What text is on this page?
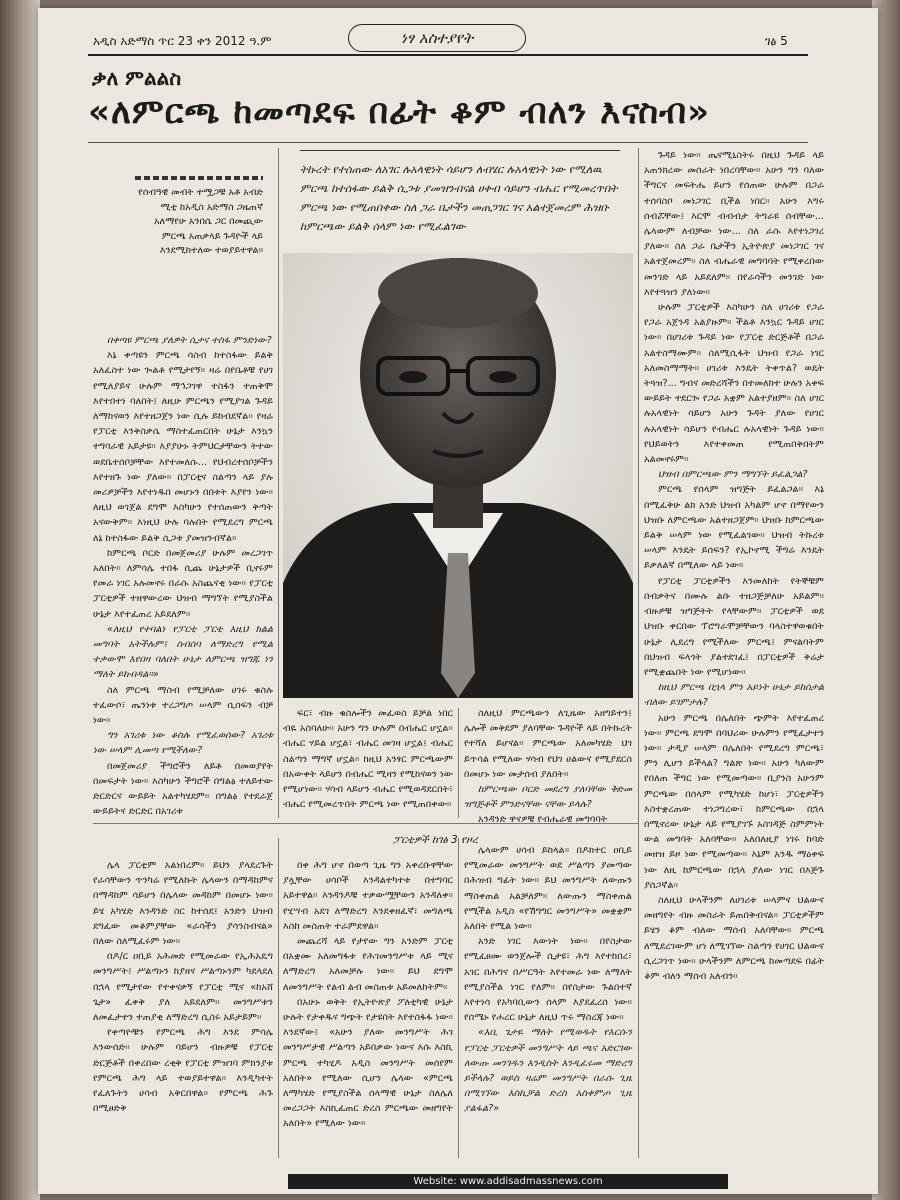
አዲስ አድማስ ጥር 23 ቀን 2012 ዓ.ም	ነፃ አስተያየት	ገፅ 5
ቃለ ምልልስ
«ለምርጫ ከመጣደፍ በፊት ቆም ብለን እናስብ»
የሰብዓዊ መብት ተሟጋቹ አቶ አብድ ሚቲ ከአዲስ አድማስ ጋዜጠኛ አለማየሁ አንበሴ ጋር በመጪው ምርጫ አጠቃላይ ጉዳዮች ላይ እንደሚከተለው ተወያይተዋል።
ትኩረት የተሰጠው ለአገር ሉአላዊነት ሳይሆን ለብሄር ሉአላዊነት ነው የሚለዉ ምርጫ ከተሰፋው ይልቅ ሲጋቱ ያመዝንብናል ሀቀብ ሳይሆን ብሔር የሚመረጥበት ምርጫ ነው የሚጠበቀው ስለ ጋራ ቤታችን መጠጋገር ገና አልተጀመረም ሕዝቡ ከምርጫው ይልቅ ሰላም ነው የሚፈልገው

በቀጣዩ ምርጫ ያለዎት ሲታና ተስፋ ምንድነው?

እኔ ቀጣዩን ምርጫ ሳስብ ከተስፋው ይልቅ አለፈስተ ነው ጐልቶ የሚታየኝ። ዛሬ በየቤቶቹ የሀገ የሚለያይና ሁሉም ማኅጋገዋ ተስፋን ተጠቅሞ እየተበተነ ባለበት፤ ለዚሁ ምርጫን የሚያገል ጉዳይ ለማከናወን እየተዘጋጀን ነው ሲሉ ይከብደኛል። የዛሬ የፓርቲ እንቅስቃሴ ማስተፈጠርበት ሁኔታ እንኳን ተግባራዊ አይታዩ። እያያሁኑ ትምህርታቸውን ትተው ወደቤተሰቦቻቸው እየተመለሱ... የህብረተሰቦቻችን እየተዘጉ ነው ያለው። በፓርቲና ስልጣን ላይ ያሉ መሪዎቻችን እየተነዱበ መሆኑን በበቱት እያየን ነው። ለዚህ ወገጀል ደግሞ እስካሁን የተሰጠውን ቅጣት አናውቅም። እነዚህ ሁሉ ባሉበት የሚደረግ ምርጫ ለኔ ከተስፋው ይልቅ ሲጋቱ ያመዝንብኛል።

ከምርጫ ቦርድ በመጀመሪያ ሁሉም መረጋገጥ አለበት። ለምሳሌ ተበፋ ሲጨ ሁኔታዎች ቢኖሩም የመራ ነገር አሉመኖሩ በራሱ አስጨናቂ ነው። የፓርቲ ፓርቲዎች ተዘዋውረው ህዝብ ማግኘት የሚያስችል ሁኔታ እየተፈጠረ አይደለም።

«ለዚህ የተባልነ የፓርቲ ፓርቲ እዚህ ክልል መግባት አትችሉም፤ ስብሰባ ለማድረግ የሚል ተቃውሞ እየበዛ ባለበት ሁኔታ ለምርጫ ዝግጁ ነን ማለት ይከብዳል።»

ስለ ምርጫ ማስብ የሚቻለው ሀገሩ ቁስሉ ተፈውሶ፣ ጤንነቱ ተረጋግጦ ሠላም ሲሰፍን ብቻ ነው።

ግን አገሪቱ ነው ቆስሉ የሚፈወሰው? አገሪቱ ነው ሠላም ሊመጣ የሚችለው?

በመጀመሪያ ችግሮችን ለይቶ በመወያየት በመፍታት ነው። እስካሁን ችግሮች በግልፅ ተለይተው ድርድርና ውይይት አልተካሄደም። በግልፅ የተደራጀ ውይይትና ድርድር በአገሪቱ

ፍር፣ ብዙ ቁስሎችን መፈወስ ይቻል ነበር ብዬ አስባለሁ። አሁን ግን ሁሉም በብሔር ሆኗል። ብሔር ሃይል ሆኗል፣ ብሔር መገዛ ሆኗል፤ ብሔር ስልጣን ማግኛ ሆኗል። ከዚህ አንፃር ምርጫውም በአውቀት ላይሆን በብሔር ሚዛን የሚከናወን ነው የሚሆነው። ሃሳብ ላይሆን ብሔር የሚወዳደርበት፣ ብሔር የሚመረጥበት ምርጫ ነው የሚጠበቀው።

ስለዚህ ምርጫውን ለጊዜው አዘግይተን፤ ሌሎች መቅደም ያለባቸው ጉዳዮች ላይ በትኩረት የተሻለ ይሆናል። ምርጫው አለመካሄድ ህገ ይጥሳል የሚለው ሃሳብ የህገ ሀልውና የሚያደርስ በመሆኑ ነው መታሰብ ያለበት።

ከምርጫው ቦርድ መደረግ ያለባቸው ቅድመ ዝግጅቶች ምንድናቸው ናቸው ይላሉ?

አንዳንድ ዋናዎቹ የብሔራዊ መግባባት

ጉዳይ ነው። ጤናሚኒስትሩ በዚህ ጉዳይ ላይ አጠንክረው መሰራት ነበረባቸው። አሁን ግን ባለው ችግርና መፍትሔ ይሆን የሰጠው ሁሉም በጋራ ተሰባስቦ መነጋገር ቢችል ነበር። አሁን እግሩ ሰብሯቸው፤ እርሞ ብብብታ ትግራዩ ሰብቸው... ሌላውም ለብቻው ነው... ስለ ራሱ እየተነጋገረ ያለው። ስለ ጋራ ቤታችን ኢትዮጵያ መነጋገር ገና አልተጀመረም። ስለ ብሔራዊ መግባባት የሚቀረበው መንገድ ላይ አይደለም። በየራሳችን መንገድ ነው እየተጓዝን ያለነው።

ሁሉም ፓርቲዎች እስካሁን ስለ ሀገሪቱ የጋራ የጋራ አጀንዳ አልያዙም። ችልቶ እንኳር ጉዳይ ሀገር ነው። በሀገሪቱ ጉዳይ ነው የፓርቲ ድርጅቶች በጋራ አልተስማሙም። ስለሚሲፋት ህዝብ የጋራ ነገር አለመስማማት። ሀገሪቱ እንዴት ትቀጥል? ወዴት ትጓዝ?... ግብና መድረሻችን በተመለከተ ሁሉን አቀፍ ውይይት ተደርጐ የጋራ አቋም አልተያዘም። ስለ ሀገር ሉአላዊነት ሳይሆን አሁን ጉዳት ያለው የሀገር ሉአላዊነት ሳይሆን የብሔር ሉአላዊነት ጉዳይ ነው። የህይወትን እየተቀመጠ የሚጠበቅበትም አልመኖሩም።

ህዝብ በምርጫው ምን ማግኘት ይፈልጋል?

ምርጫ የሰላም ዝግጅት ይፈልጋል። እኔ በሚፈቅሁ ልክ አንድ ህዝብ አካልም ሆኖ በማየውን ህዝቡ ለምርጫው አልተዘጋጀም። ህዝቡ ከምርጫው ይልቅ ሠላም ነው የሚፈልገው። ህዝብ ትኩረቱ ሠላም እንዴት ይሰፍን? የኢኮኖሚ ችግሬ እንዴት ይቃለልኛ በሚለው ላይ ነው።

የፓርቲ ፓርቲዎችን እንመለከት የትኞቹም በብቃትና በሙሉ ልቡ ተዘጋጅቻለሁ አይልም። ብዙዎቹ ዝግጅትት የላቸውም። ፓርቲዎች ወደ ህዝቡ ቀርበው ፕሮግራሞቻቸውን ባላስተዋወቁበት ሁኔታ ሊደረግ የሚችለው ምርጫ፤ ምናልባትም በህዝብ ፍላጎት ያልተደገፈ፤ በፓርቲዎች ቅሬታ የሚቋጨበት ነው የሚሆነው።

ከዚህ ምርጫ በኋላ ምን አይነት ሁኔታ ይከሰታል ብለው ይገምታሉ?

አሁን ምርጫ በሌለበት ጭምት እየተፈጠረ ነው። ምርጫ ደግሞ በባህሪው ሁሉምን የሚፈታተን ነው። ታዲያ ሠላም በሌለበት የሚደረግ ምርጫ፣ ምን ሊሆን ይችላል? ግልጽ ነው። አሁን ካለውም የበለጠ ችግር ነው የሚመጣው። ቢያንስ አሁንም ምርጫው በሰላም የሚካሄድ ከሆነ፣ ፓርቲዎችን እስተቋረጠው ተነጋግረው፣ ከምርጫው በኋላ በሚኖረው ሁኔታ ላይ የሚያገኙ አስገዳጅ ስምምነት ውል መግባት አለባቸው። አለበለዚያ ነገሩ ከባድ መዘዝ ይዞ ነው የሚመጣው። እኔም አንዱ ማዕቀፍ ነው ለዚ ከምርጫው በኋላ ያለው ነገር በእጅጉ ያሰጋኛል።

ስለዚህ ሁላችንም ለሀገሪቱ ሠላምና ህልውና መዘግየት ብዙ መስራት ይጠበቅብናል። ፓርቲዎችም ይሄን ቆም ብለው ማሰብ አለባቸው። ምርጫ ለሚደረገውም ሆነ ለሚገኘው ስልጣን የሀገር ህልውና ሲረጋገጥ ነው። ሁላችንም ለምርጫ ከመጣደፍ በፊት ቆም ብለን ማሰብ አለብን።

ፓርቲዎች ከገፅ 3 የዞረ

ሌላ ፓርቲም አልነበረም። ይህን ያላደረጉት የራሳቸውን ጥንካሬ የሚለኩት ሌላውን በማዳከምና በማዳከም ሳይሆን በሌላው መዳከም በመሆኑ ነው። ይሄ አካሄድ እንዳንድ ስር ከተሰደ፤ አንድን ህዝብ ደግፈው መቆምያቸው «ራሳችን ያሳንስብናል» በለው ስለሚፈሩም ነው።

በዶ/ር ዐቢይ አሕመድ የሚመራው የኢሕአዴግ መንግሥት፤ ሥልጣኑን ከያዘና ሥልጣኑንም ካደላደለ በኋላ የሚታየው የተቀናቃኝ የፓርቲ ሚና «ከአሸ ጌታ» ፈቀቅ ያለ አይደለም። መንግሥቱን ለመፈታተን ተጠያቂ ለማድረግ ሲስሩ አይታይም።

የቀጣዮቹን የምርጫ ሕግ እንደ ምሳሌ እንውሰድ። ሁሉም ባይሆን ብዙዎቹ የፓርቲ ድርጅቶች በቀረበው ረቂቅ የፓርቲ ምዝገባ ምክንያቱ የምርጫ ሕግ ላይ ተወያይተዋል። እንዲካተት የፈለጉትን ሀሳብ አቅርበዋል። የምርጫ ሕጉ በሚፀድቅ

በቀ ሕግ ሆኖ በወጣ ጊዜ ግን አቀረቡዋቸው ያሏቸው ሀሳቦች እንዳልተካተቱ በተግባር አይተዋል። እንዳንዶቹ ተቃውሟቸውን አንዳለቀ። የሂሣብ አደገ ለማድረግ እንደቀዘፈኛ፣ መግለጫ እስከ መስጠት ተራምደዋል።

መጨረሻ ላይ የታየው ግን አንድም ፓርቲ በአቋሙ አለመግፋቱ የሕገመንግሥቱ ላይ ሚና ለማድረግ አለመቻሉ ነው። ይህ ደግሞ ለመንግሥት የልብ ልብ መስጠቱ አይመለከትም።

በአሁኑ ወቅት የኢትዮጵያ ፖለቲካዊ ሁኔታ ሁሉት የታቀዱና ግጭት የታዩበት እየተስፋፋ ነው። እንደኛው፤ «አሁን ያለው መንግሥት ሕገ መንግሥታዊ ሥልጣን አይበቃው ነውና እሱ እስኪ ምርጫ ተካሂዶ አዲስ መንግሥት መሰየም አለበት» የሚለው ሲሆን ሌላው «ምርጫ ለማካሄድ የሚያስችል ሰላማዊ ሁኔታ ስለሌለ መረጋጋት እስኪፈጠር ድረስ ምርጫው መዘግየት አለበት» የሚለው ነው።

ሌላውም ሀሳብ ይከላል። በዶክተር ዐቢይ የሚመራው መንግሥት ወደ ሥልጣን ያመጣው በሕዝብ ግፊት ነው። ይህ መንግሥት ለውጡን ማስቀጠል አልቻለም። ለውጡን ማስቀጠል የሚችል አዲስ «የሽግግር መንግሥት» መቋቋም አለበት የሚል ነው።

አንድ ነገር እውነት ነው። በየስታው የሚፈፀሙ ወንጀሎች ሲታዩ፣ ሕግ እየተከበረ፣ አገር በሕግና በሥርዓት እየተመራ ነው ለማለት የሚያስችል ነገር የለም። በየስታው ጉልበተኛ እየተነሳ የአካባቢውን ሰላም እያደፈረሰ ነው። የሰሜኑ የሐረር ሁኔታ ለዚህ ጥሩ ማስረጃ ነው።

«እቢ ጌታዬ ማለት የሚወዱት የእርሱን የፓርቲ ፓርቲዎች መንግሥት ላይ ጫና አድርገው ለውጡ መንገዱን እንዲስት እንዲፈሩመ ማድረግ ይችላሉ? ወይስ ዛሬም መንግሥት በራሱ ጊዜ በሚገኘው እስኪቻል ድረስ አስቀምጦ ጊዜ ያልፋል?»

Website: www.addisadmassnews.com
